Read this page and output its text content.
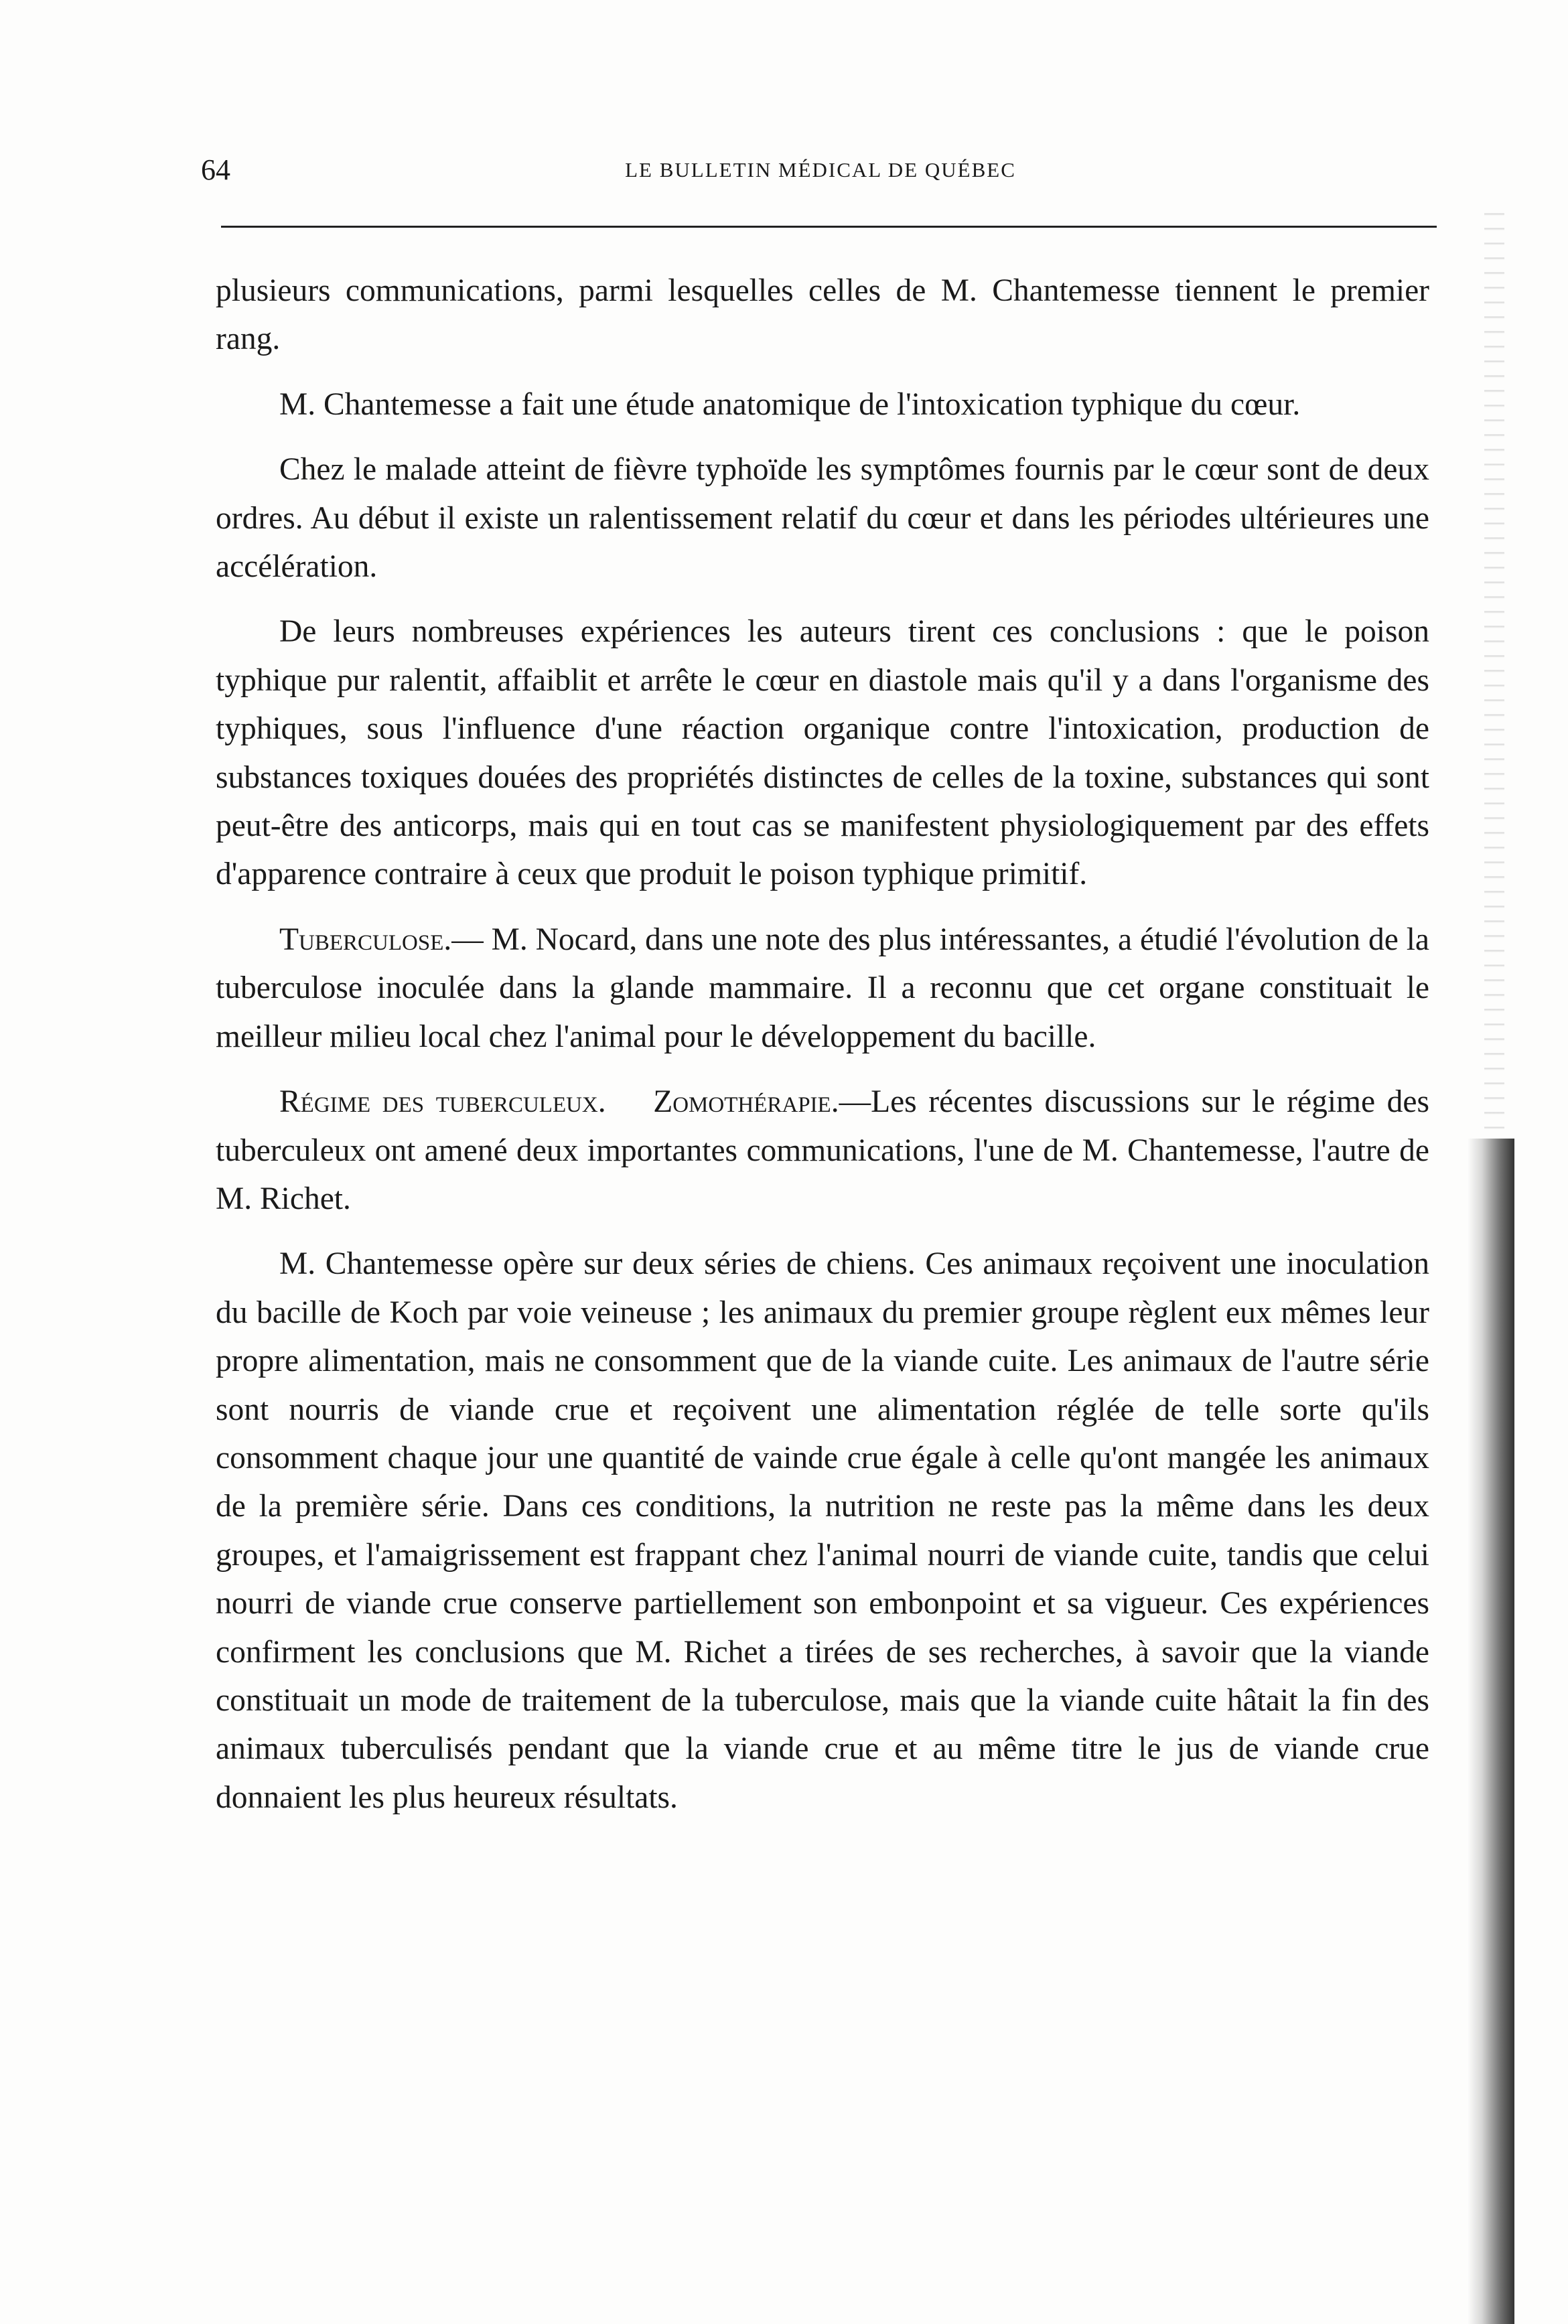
64	LE BULLETIN MÉDICAL DE QUÉBEC

plusieurs communications, parmi lesquelles celles de M. Chantemesse tiennent le premier rang.

M. Chantemesse a fait une étude anatomique de l'intoxication typhique du cœur.

Chez le malade atteint de fièvre typhoïde les symptômes fournis par le cœur sont de deux ordres. Au début il existe un ralentissement relatif du cœur et dans les périodes ultérieures une accélération.

De leurs nombreuses expériences les auteurs tirent ces conclusions : que le poison typhique pur ralentit, affaiblit et arrête le cœur en diastole mais qu'il y a dans l'organisme des typhiques, sous l'influence d'une réaction organique contre l'intoxication, production de substances toxiques douées des propriétés distinctes de celles de la toxine, substances qui sont peut-être des anticorps, mais qui en tout cas se manifestent physiologiquement par des effets d'apparence contraire à ceux que produit le poison typhique primitif.

Tuberculose.— M. Nocard, dans une note des plus intéressantes, a étudié l'évolution de la tuberculose inoculée dans la glande mammaire. Il a reconnu que cet organe constituait le meilleur milieu local chez l'animal pour le développement du bacille.

Régime des tuberculeux. Zomothérapie.—Les récentes discussions sur le régime des tuberculeux ont amené deux importantes communications, l'une de M. Chantemesse, l'autre de M. Richet.

M. Chantemesse opère sur deux séries de chiens. Ces animaux reçoivent une inoculation du bacille de Koch par voie veineuse ; les animaux du premier groupe règlent eux mêmes leur propre alimentation, mais ne consomment que de la viande cuite. Les animaux de l'autre série sont nourris de viande crue et reçoivent une alimentation réglée de telle sorte qu'ils consomment chaque jour une quantité de vainde crue égale à celle qu'ont mangée les animaux de la première série. Dans ces conditions, la nutrition ne reste pas la même dans les deux groupes, et l'amaigrissement est frappant chez l'animal nourri de viande cuite, tandis que celui nourri de viande crue conserve partiellement son embonpoint et sa vigueur. Ces expériences confirment les conclusions que M. Richet a tirées de ses recherches, à savoir que la viande constituait un mode de traitement de la tuberculose, mais que la viande cuite hâtait la fin des animaux tuberculisés pendant que la viande crue et au même titre le jus de viande crue donnaient les plus heureux résultats.
